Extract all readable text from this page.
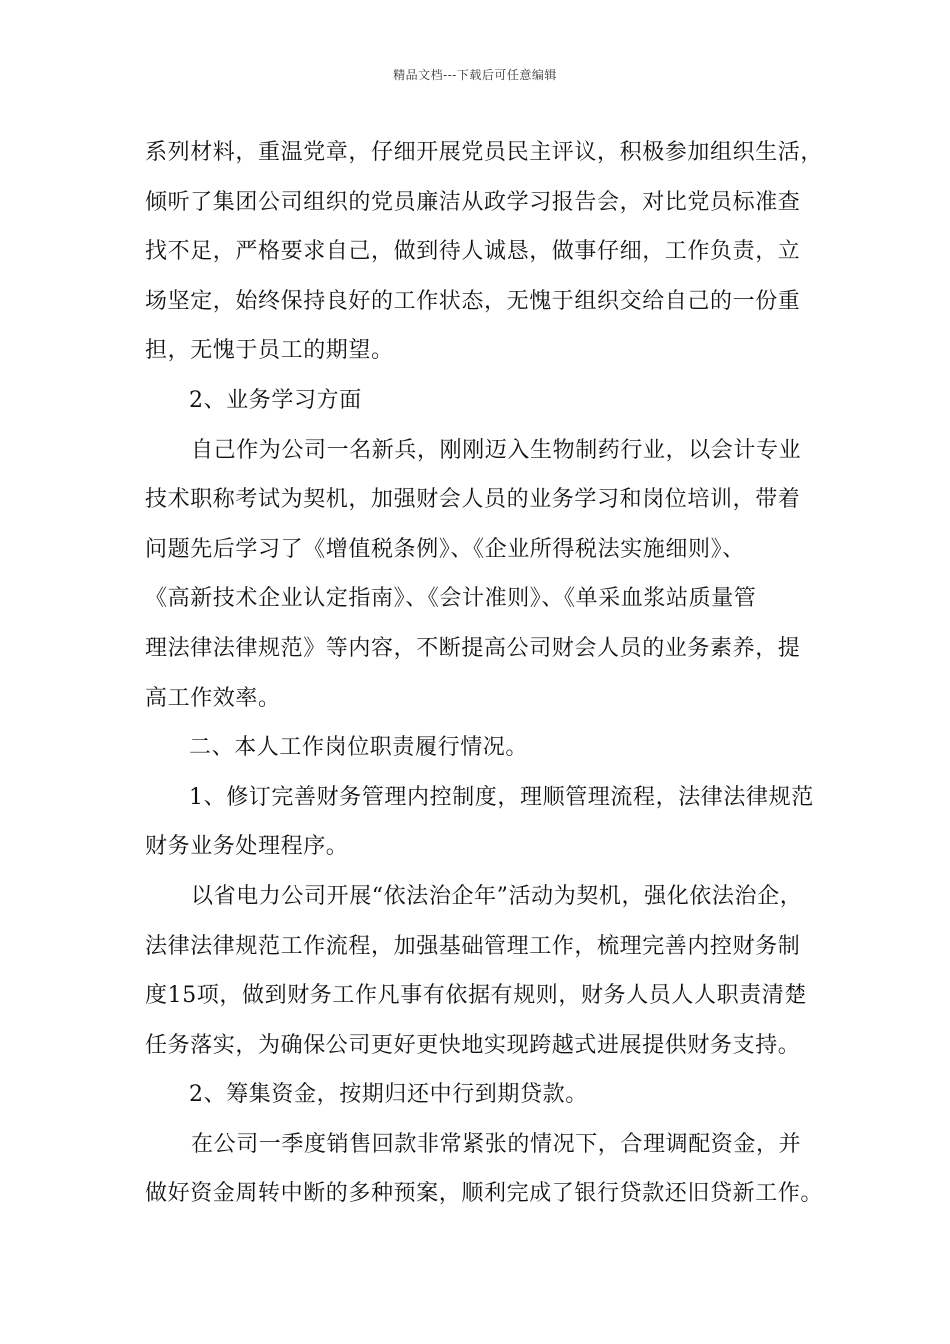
精品文档---下载后可任意编辑
系列材料，重温党章，仔细开展党员民主评议，积极参加组织生活，
倾听了集团公司组织的党员廉洁从政学习报告会，对比党员标准查
找不足，严格要求自己，做到待人诚恳，做事仔细，工作负责，立
场坚定，始终保持良好的工作状态，无愧于组织交给自己的一份重
担，无愧于员工的期望。
2、业务学习方面
自己作为公司一名新兵，刚刚迈入生物制药行业，以会计专业
技术职称考试为契机，加强财会人员的业务学习和岗位培训，带着
问题先后学习了《增值税条例》、《企业所得税法实施细则》、
《高新技术企业认定指南》、《会计准则》、《单采血浆站质量管
理法律法律规范》等内容，不断提高公司财会人员的业务素养，提
高工作效率。
二、本人工作岗位职责履行情况。
1、修订完善财务管理内控制度，理顺管理流程，法律法律规范
财务业务处理程序。
以省电力公司开展“依法治企年”活动为契机，强化依法治企，
法律法律规范工作流程，加强基础管理工作，梳理完善内控财务制
度15项，做到财务工作凡事有依据有规则，财务人员人人职责清楚
任务落实，为确保公司更好更快地实现跨越式进展提供财务支持。
2、筹集资金，按期归还中行到期贷款。
在公司一季度销售回款非常紧张的情况下，合理调配资金，并
做好资金周转中断的多种预案，顺利完成了银行贷款还旧贷新工作。
